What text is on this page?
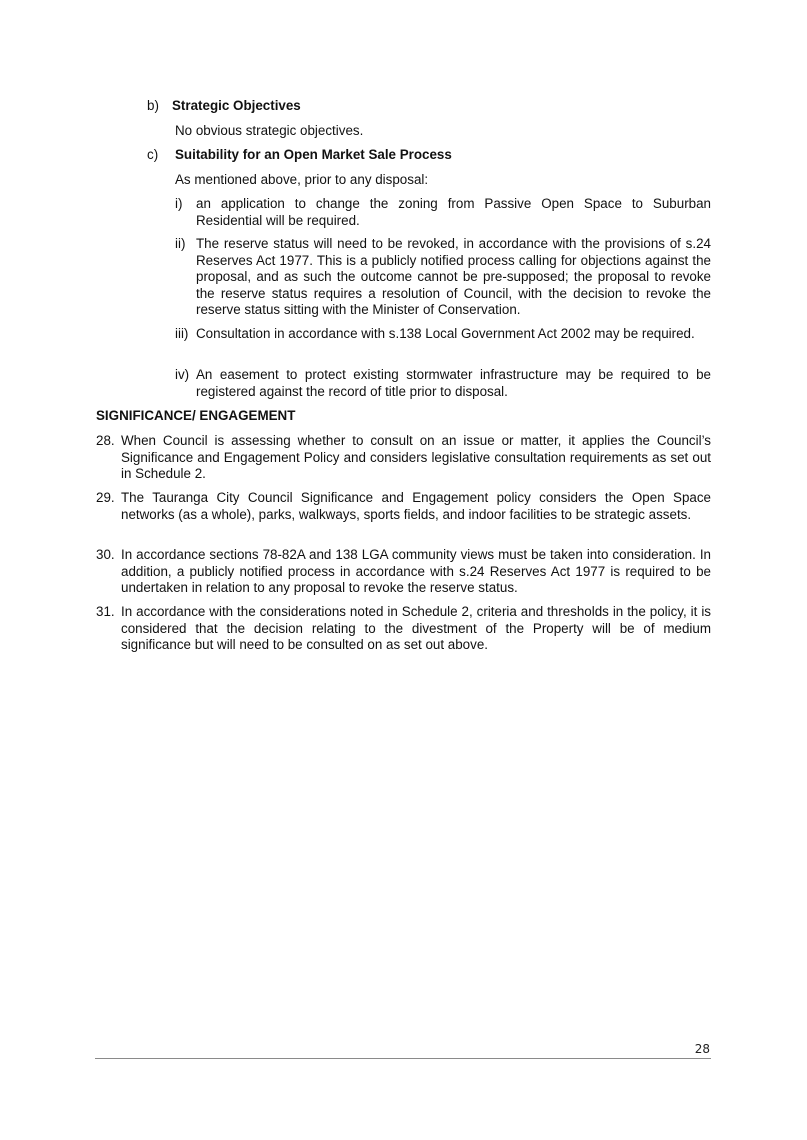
b) Strategic Objectives
No obvious strategic objectives.
c) Suitability for an Open Market Sale Process
As mentioned above, prior to any disposal:
i) an application to change the zoning from Passive Open Space to Suburban Residential will be required.
ii) The reserve status will need to be revoked, in accordance with the provisions of s.24 Reserves Act 1977. This is a publicly notified process calling for objections against the proposal, and as such the outcome cannot be pre-supposed; the proposal to revoke the reserve status requires a resolution of Council, with the decision to revoke the reserve status sitting with the Minister of Conservation.
iii) Consultation in accordance with s.138 Local Government Act 2002 may be required.
iv) An easement to protect existing stormwater infrastructure may be required to be registered against the record of title prior to disposal.
SIGNIFICANCE/ ENGAGEMENT
28. When Council is assessing whether to consult on an issue or matter, it applies the Council’s Significance and Engagement Policy and considers legislative consultation requirements as set out in Schedule 2.
29. The Tauranga City Council Significance and Engagement policy considers the Open Space networks (as a whole), parks, walkways, sports fields, and indoor facilities to be strategic assets.
30. In accordance sections 78-82A and 138 LGA community views must be taken into consideration. In addition, a publicly notified process in accordance with s.24 Reserves Act 1977 is required to be undertaken in relation to any proposal to revoke the reserve status.
31. In accordance with the considerations noted in Schedule 2, criteria and thresholds in the policy, it is considered that the decision relating to the divestment of the Property will be of medium significance but will need to be consulted on as set out above.
28
